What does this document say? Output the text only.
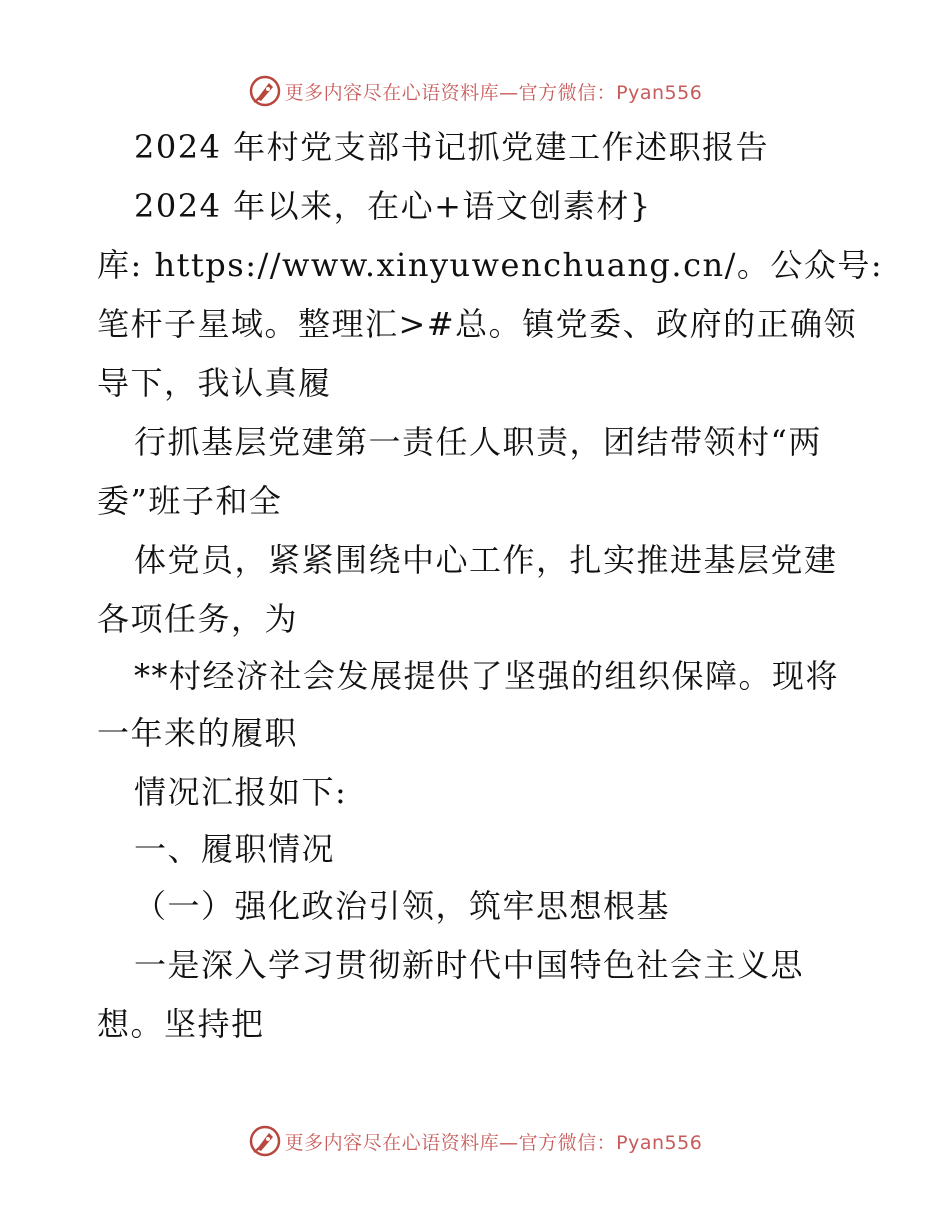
更多内容尽在心语资料库—官方微信：Pyan556
2024 年村党支部书记抓党建工作述职报告
2024 年以来，在心+语文创素材}
库: https://www.xinyuwenchuang.cn/。公众号:
笔杆子星域。整理汇>#总。镇党委、政府的正确领
导下，我认真履
行抓基层党建第一责任人职责，团结带领村“两
委”班子和全
体党员，紧紧围绕中心工作，扎实推进基层党建
各项任务，为
**村经济社会发展提供了坚强的组织保障。现将
一年来的履职
情况汇报如下:
一、履职情况
（一）强化政治引领，筑牢思想根基
一是深入学习贯彻新时代中国特色社会主义思
想。坚持把
更多内容尽在心语资料库—官方微信：Pyan556
